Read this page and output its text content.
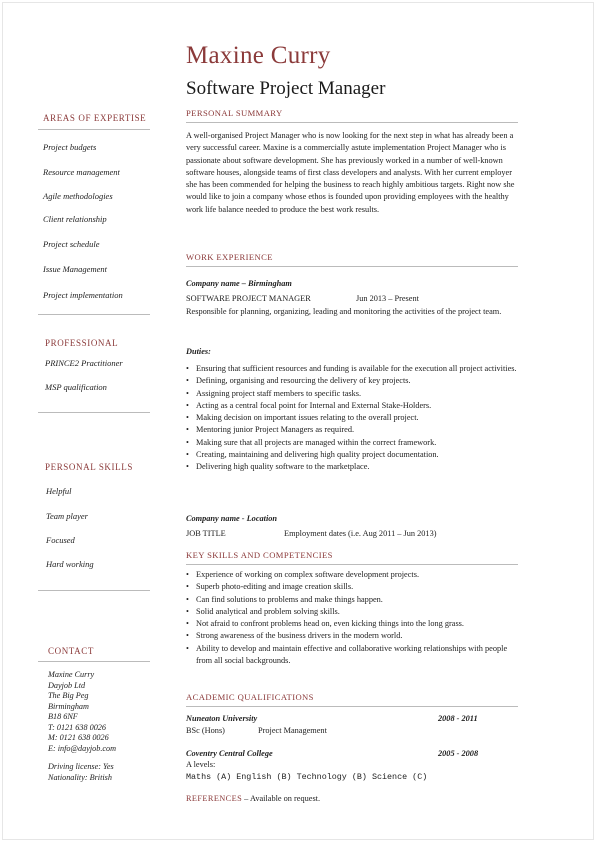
Maxine Curry
Software Project Manager
AREAS OF EXPERTISE
Project budgets
Resource management
Agile methodologies
Client relationship
Project schedule
Issue Management
Project implementation
PROFESSIONAL
PRINCE2 Practitioner
MSP qualification
PERSONAL SKILLS
Helpful
Team player
Focused
Hard working
CONTACT
Maxine Curry
Dayjob Ltd
The Big Peg
Birmingham
B18 6NF
T: 0121 638 0026
M: 0121 638 0026
E: info@dayjob.com
Driving license: Yes
Nationality: British
PERSONAL SUMMARY
A well-organised Project Manager who is now looking for the next step in what has already been a very successful career. Maxine is a commercially astute implementation Project Manager who is passionate about software development. She has previously worked in a number of well-known software houses, alongside teams of first class developers and analysts. With her current employer she has been commended for helping the business to reach highly ambitious targets. Right now she would like to join a company whose ethos is founded upon providing employees with the healthy work life balance needed to produce the best work results.
WORK EXPERIENCE
Company name – Birmingham
SOFTWARE PROJECT MANAGER	Jun 2013 – Present
Responsible for planning, organizing, leading and monitoring the activities of the project team.
Duties:
• Ensuring that sufficient resources and funding is available for the execution all project activities.
• Defining, organising and resourcing the delivery of key projects.
• Assigning project staff members to specific tasks.
• Acting as a central focal point for Internal and External Stake-Holders.
• Making decision on important issues relating to the overall project.
• Mentoring junior Project Managers as required.
• Making sure that all projects are managed within the correct framework.
• Creating, maintaining and delivering high quality project documentation.
• Delivering high quality software to the marketplace.
Company name - Location
JOB TITLE	Employment dates (i.e. Aug 2011 – Jun 2013)
KEY SKILLS AND COMPETENCIES
• Experience of working on complex software development projects.
• Superb photo-editing and image creation skills.
• Can find solutions to problems and make things happen.
• Solid analytical and problem solving skills.
• Not afraid to confront problems head on, even kicking things into the long grass.
• Strong awareness of the business drivers in the modern world.
• Ability to develop and maintain effective and collaborative working relationships with people from all social backgrounds.
ACADEMIC QUALIFICATIONS
Nuneaton University	2008 - 2011
BSc (Hons)	Project Management
Coventry Central College	2005 - 2008
A levels:
Maths (A) English (B) Technology (B) Science (C)
REFERENCES – Available on request.
